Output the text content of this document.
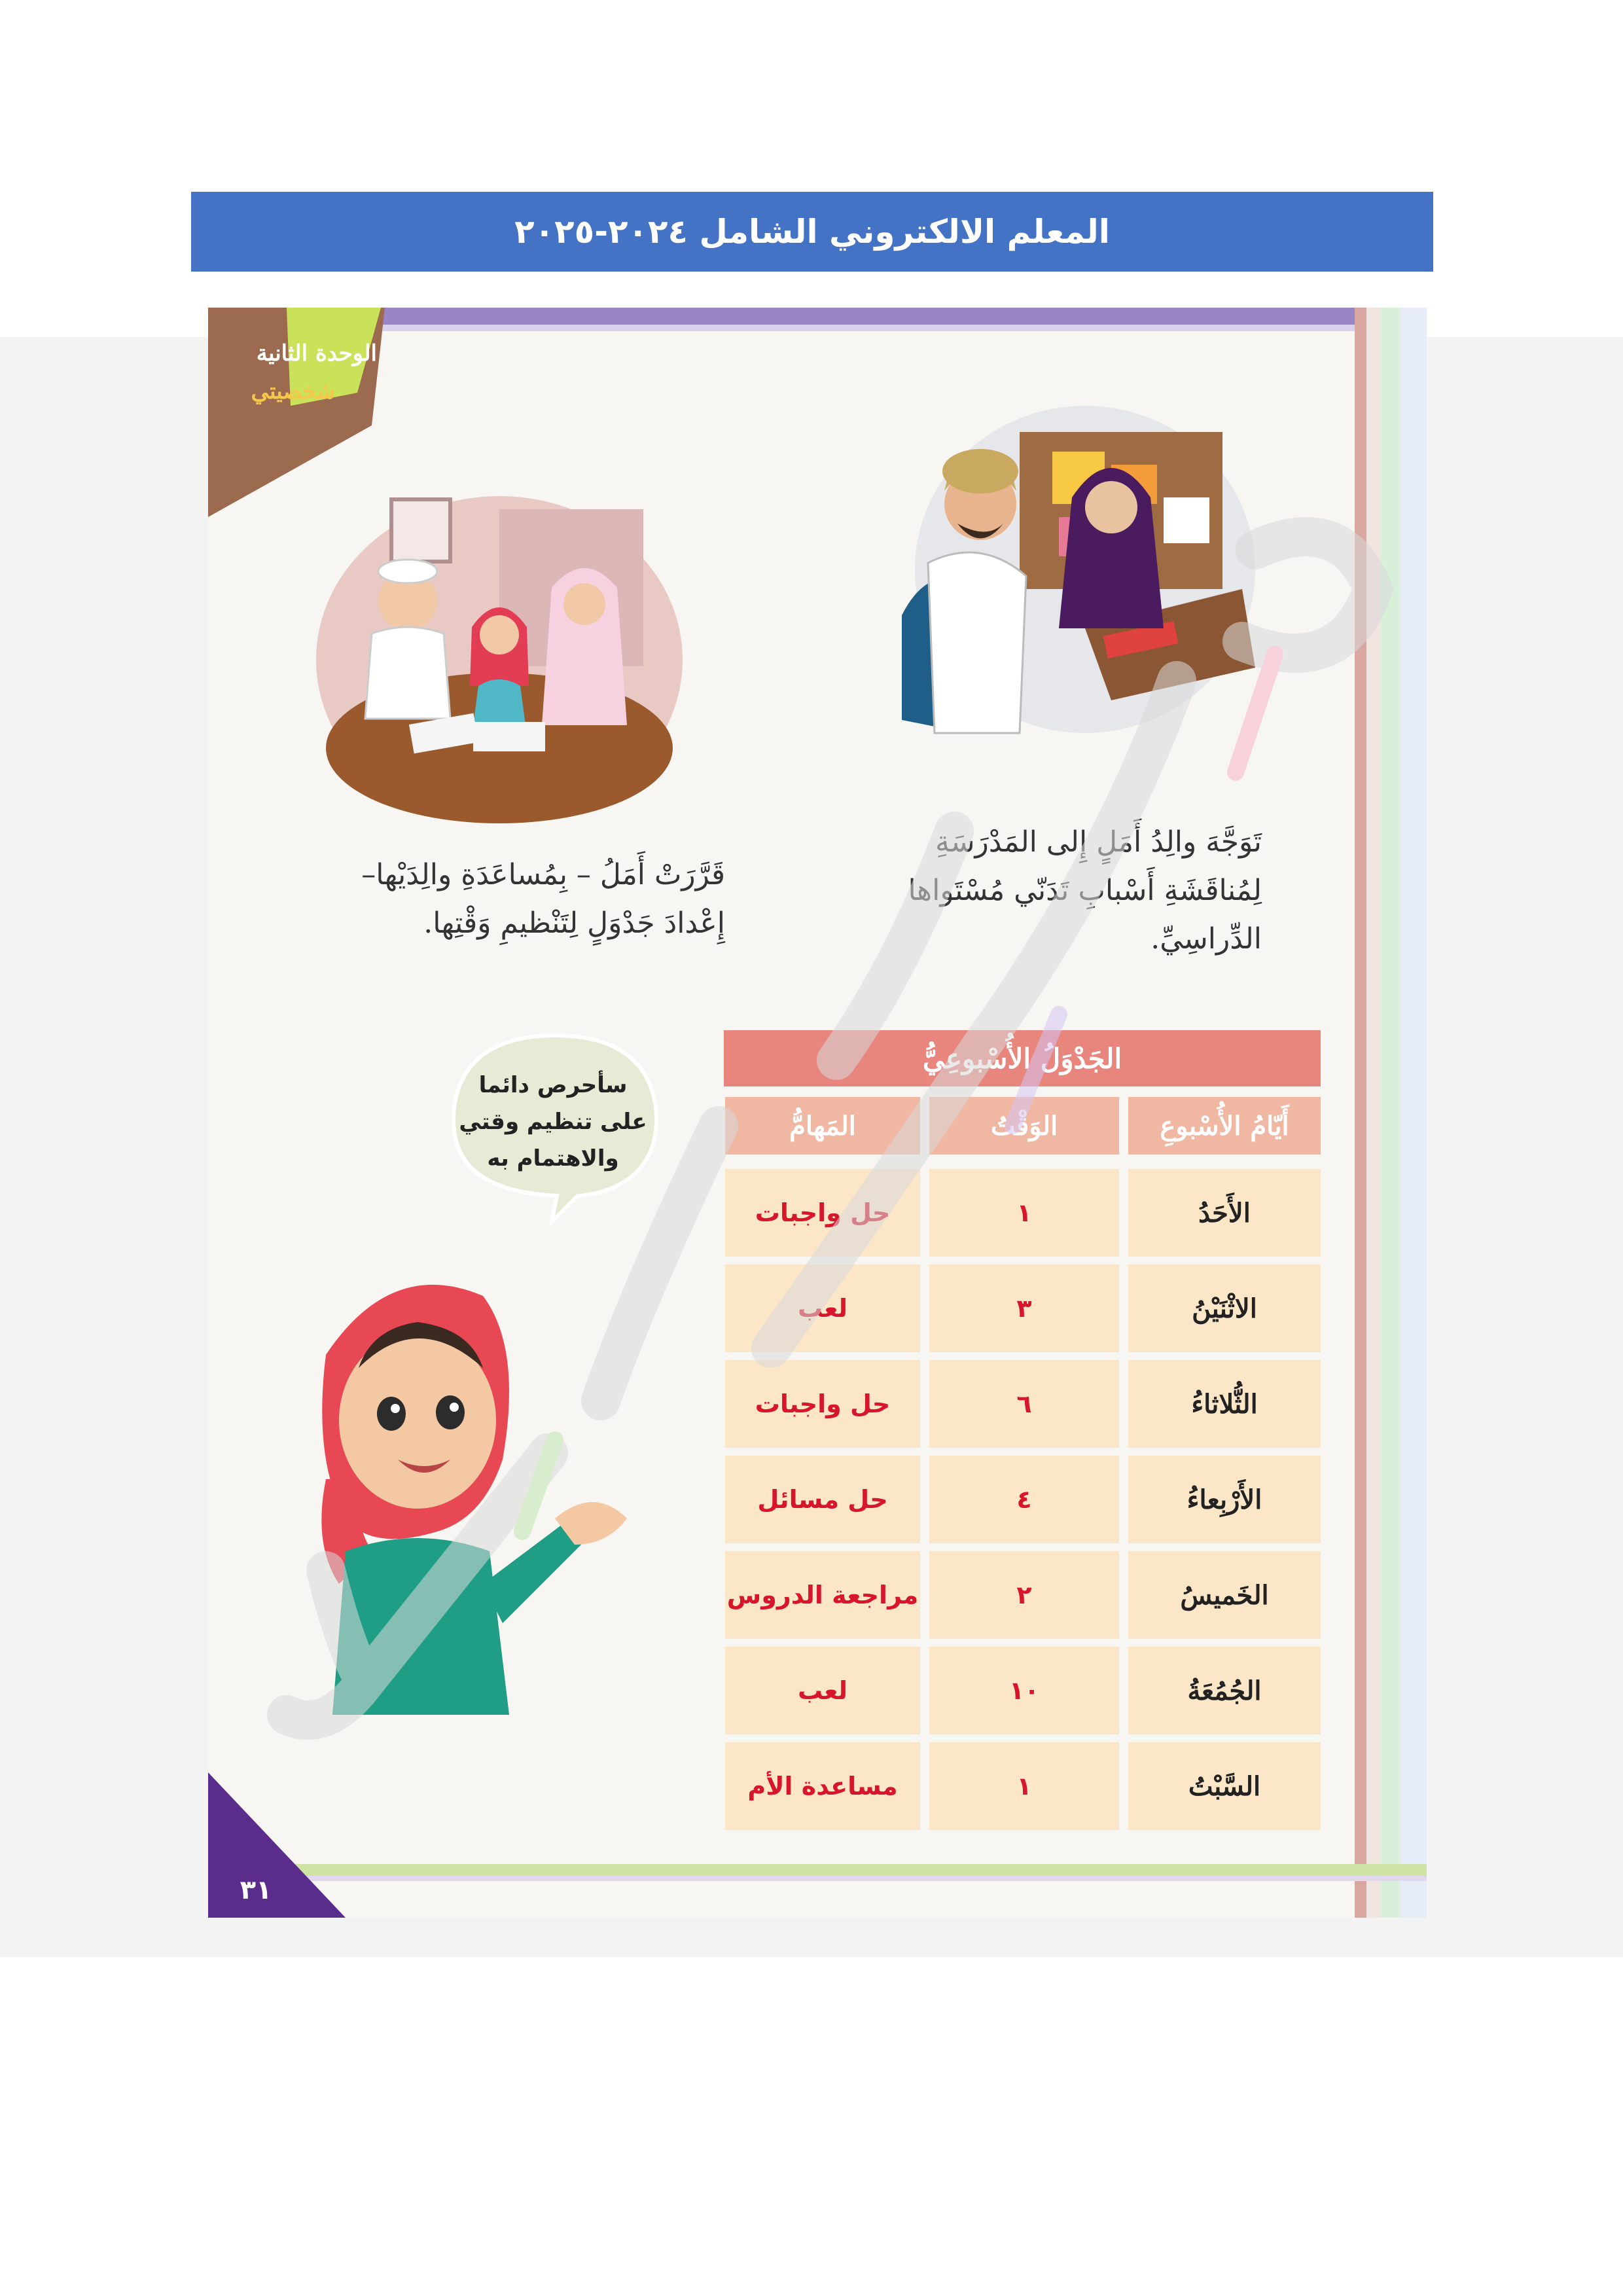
المعلم الالكتروني الشامل ٢٠٢٤-٢٠٢٥
الوحدة الثانية
شخصيتي
تَوَجَّهَ والِدُ أَمَلٍ إِلى المَدْرَسَةِ
لِمُناقَشَةِ أَسْبابِ تَدَنّي مُسْتَواها
الدِّراسِيِّ.
قَرَّرَتْ أَمَلُ – بِمُساعَدَةِ والِدَيْها–
إِعْدادَ جَدْوَلٍ لِتَنْظيمِ وَقْتِها.
سأحرص دائما
على تنظيم وقتي
والاهتمام به
الجَدْوَلُ الأُسْبوعِيُّ
أَيّامُ الأُسْبوعِ
الوَقْتُ
المَهامُّ
الأَحَدُ
١
حل واجبات
الاثْنَيْنُ
٣
لعب
الثُّلاثاءُ
٦
حل واجبات
الأَرْبِعاءُ
٤
حل مسائل
الخَميسُ
٢
مراجعة الدروس
الجُمُعَةُ
١٠
لعب
السَّبْتُ
١
مساعدة الأم
٣١
